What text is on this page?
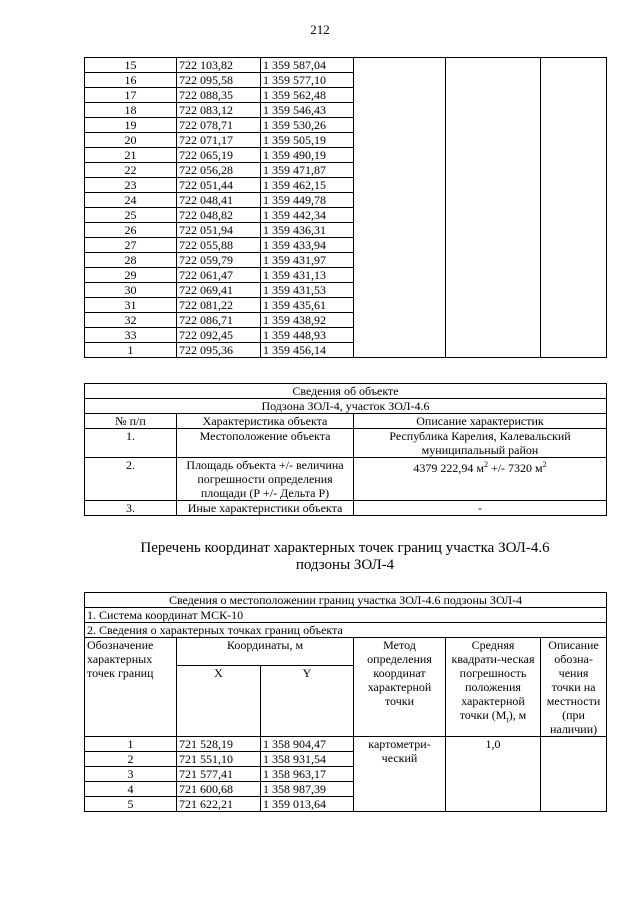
212
15	722 103,82	1 359 587,04			
16	722 095,58	1 359 577,10			
17	722 088,35	1 359 562,48			
18	722 083,12	1 359 546,43			
19	722 078,71	1 359 530,26			
20	722 071,17	1 359 505,19			
21	722 065,19	1 359 490,19			
22	722 056,28	1 359 471,87			
23	722 051,44	1 359 462,15			
24	722 048,41	1 359 449,78			
25	722 048,82	1 359 442,34			
26	722 051,94	1 359 436,31			
27	722 055,88	1 359 433,94			
28	722 059,79	1 359 431,97			
29	722 061,47	1 359 431,13			
30	722 069,41	1 359 431,53			
31	722 081,22	1 359 435,61			
32	722 086,71	1 359 438,92			
33	722 092,45	1 359 448,93			
1	722 095,36	1 359 456,14			
Сведения об объекте		
Подзона ЗОЛ-4, участок ЗОЛ-4.6		
№ п/п	Характеристика объекта	Описание характеристик
1.	Местоположение объекта	Республика Карелия, Калевальский муниципальный район
2.	Площадь объекта +/- величина погрешности определения площади (Р +/- Дельта Р)	4379 222,94 $м^2$ +/- 7320 $м^2$
3.	Иные характеристики объекта	-
Перечень координат характерных точек границ участка ЗОЛ-4.6
подзоны ЗОЛ-4
Сведения о местоположении границ участка ЗОЛ-4.6 подзоны ЗОЛ-4					
1. Система координат МСК-10					
2. Сведения о характерных точках границ объекта					
Обозначение характерных точек границ	Координаты, м		Метод определения координат характерной точки	Средняя квадрати-ческая погрешность положения характерной точки $(M_t)$, м	Описание обозна-чения точки на местности (при наличии)
	X	Y			
1	721 528,19	1 358 904,47	картометри-ческий	1,0	
2	721 551,10	1 358 931,54			
3	721 577,41	1 358 963,17			
4	721 600,68	1 358 987,39			
5	721 622,21	1 359 013,64			
